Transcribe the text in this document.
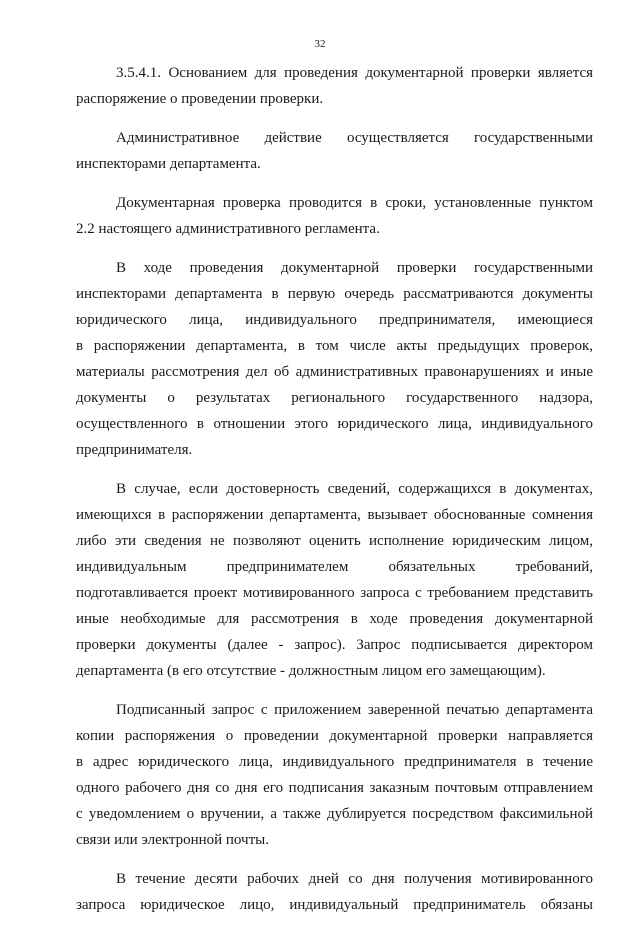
32
3.5.4.1. Основанием для проведения документарной проверки является
распоряжение о проведении проверки.
Административное действие осуществляется государственными
инспекторами департамента.
Документарная проверка проводится в сроки, установленные пунктом
2.2 настоящего административного регламента.
В ходе проведения документарной проверки государственными
инспекторами департамента в первую очередь рассматриваются документы
юридического лица, индивидуального предпринимателя, имеющиеся
в распоряжении департамента, в том числе акты предыдущих проверок,
материалы рассмотрения дел об административных правонарушениях и иные
документы о результатах регионального государственного надзора,
осуществленного в отношении этого юридического лица, индивидуального
предпринимателя.
В случае, если достоверность сведений, содержащихся в документах,
имеющихся в распоряжении департамента, вызывает обоснованные сомнения
либо эти сведения не позволяют оценить исполнение юридическим лицом,
индивидуальным предпринимателем обязательных требований,
подготавливается проект мотивированного запроса с требованием представить
иные необходимые для рассмотрения в ходе проведения документарной
проверки документы (далее - запрос). Запрос подписывается директором
департамента (в его отсутствие - должностным лицом его замещающим).
Подписанный запрос с приложением заверенной печатью департамента
копии распоряжения о проведении документарной проверки направляется
в адрес юридического лица, индивидуального предпринимателя в течение
одного рабочего дня со дня его подписания заказным почтовым отправлением
с уведомлением о вручении, а также дублируется посредством факсимильной
связи или электронной почты.
В течение десяти рабочих дней со дня получения мотивированного
запроса юридическое лицо, индивидуальный предприниматель обязаны
